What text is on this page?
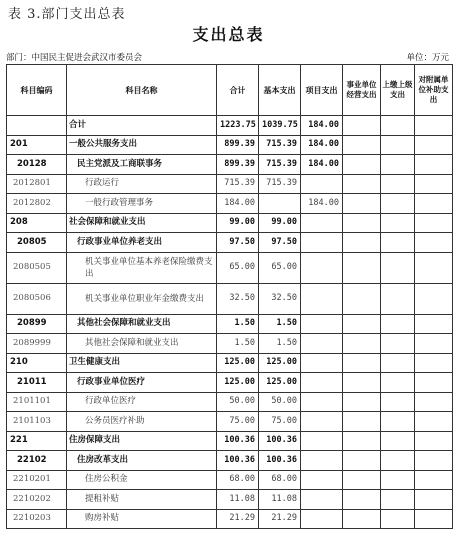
表 3.部门支出总表
支出总表
部门：中国民主促进会武汉市委员会	单位：万元
科目编码	科目名称	合计	基本支出	项目支出	事业单位经营支出	上缴上级支出	对附属单位补助支出
	合计	1223.75	1039.75	184.00			
201	一般公共服务支出	899.39	715.39	184.00			
20128	民主党派及工商联事务	899.39	715.39	184.00			
2012801	行政运行	715.39	715.39				
2012802	一般行政管理事务	184.00		184.00			
208	社会保障和就业支出	99.00	99.00				
20805	行政事业单位养老支出	97.50	97.50				
2080505	机关事业单位基本养老保险缴费支出	65.00	65.00				
2080506	机关事业单位职业年金缴费支出	32.50	32.50				
20899	其他社会保障和就业支出	1.50	1.50				
2089999	其他社会保障和就业支出	1.50	1.50				
210	卫生健康支出	125.00	125.00				
21011	行政事业单位医疗	125.00	125.00				
2101101	行政单位医疗	50.00	50.00				
2101103	公务员医疗补助	75.00	75.00				
221	住房保障支出	100.36	100.36				
22102	住房改革支出	100.36	100.36				
2210201	住房公积金	68.00	68.00				
2210202	提租补贴	11.08	11.08				
2210203	购房补贴	21.29	21.29				
